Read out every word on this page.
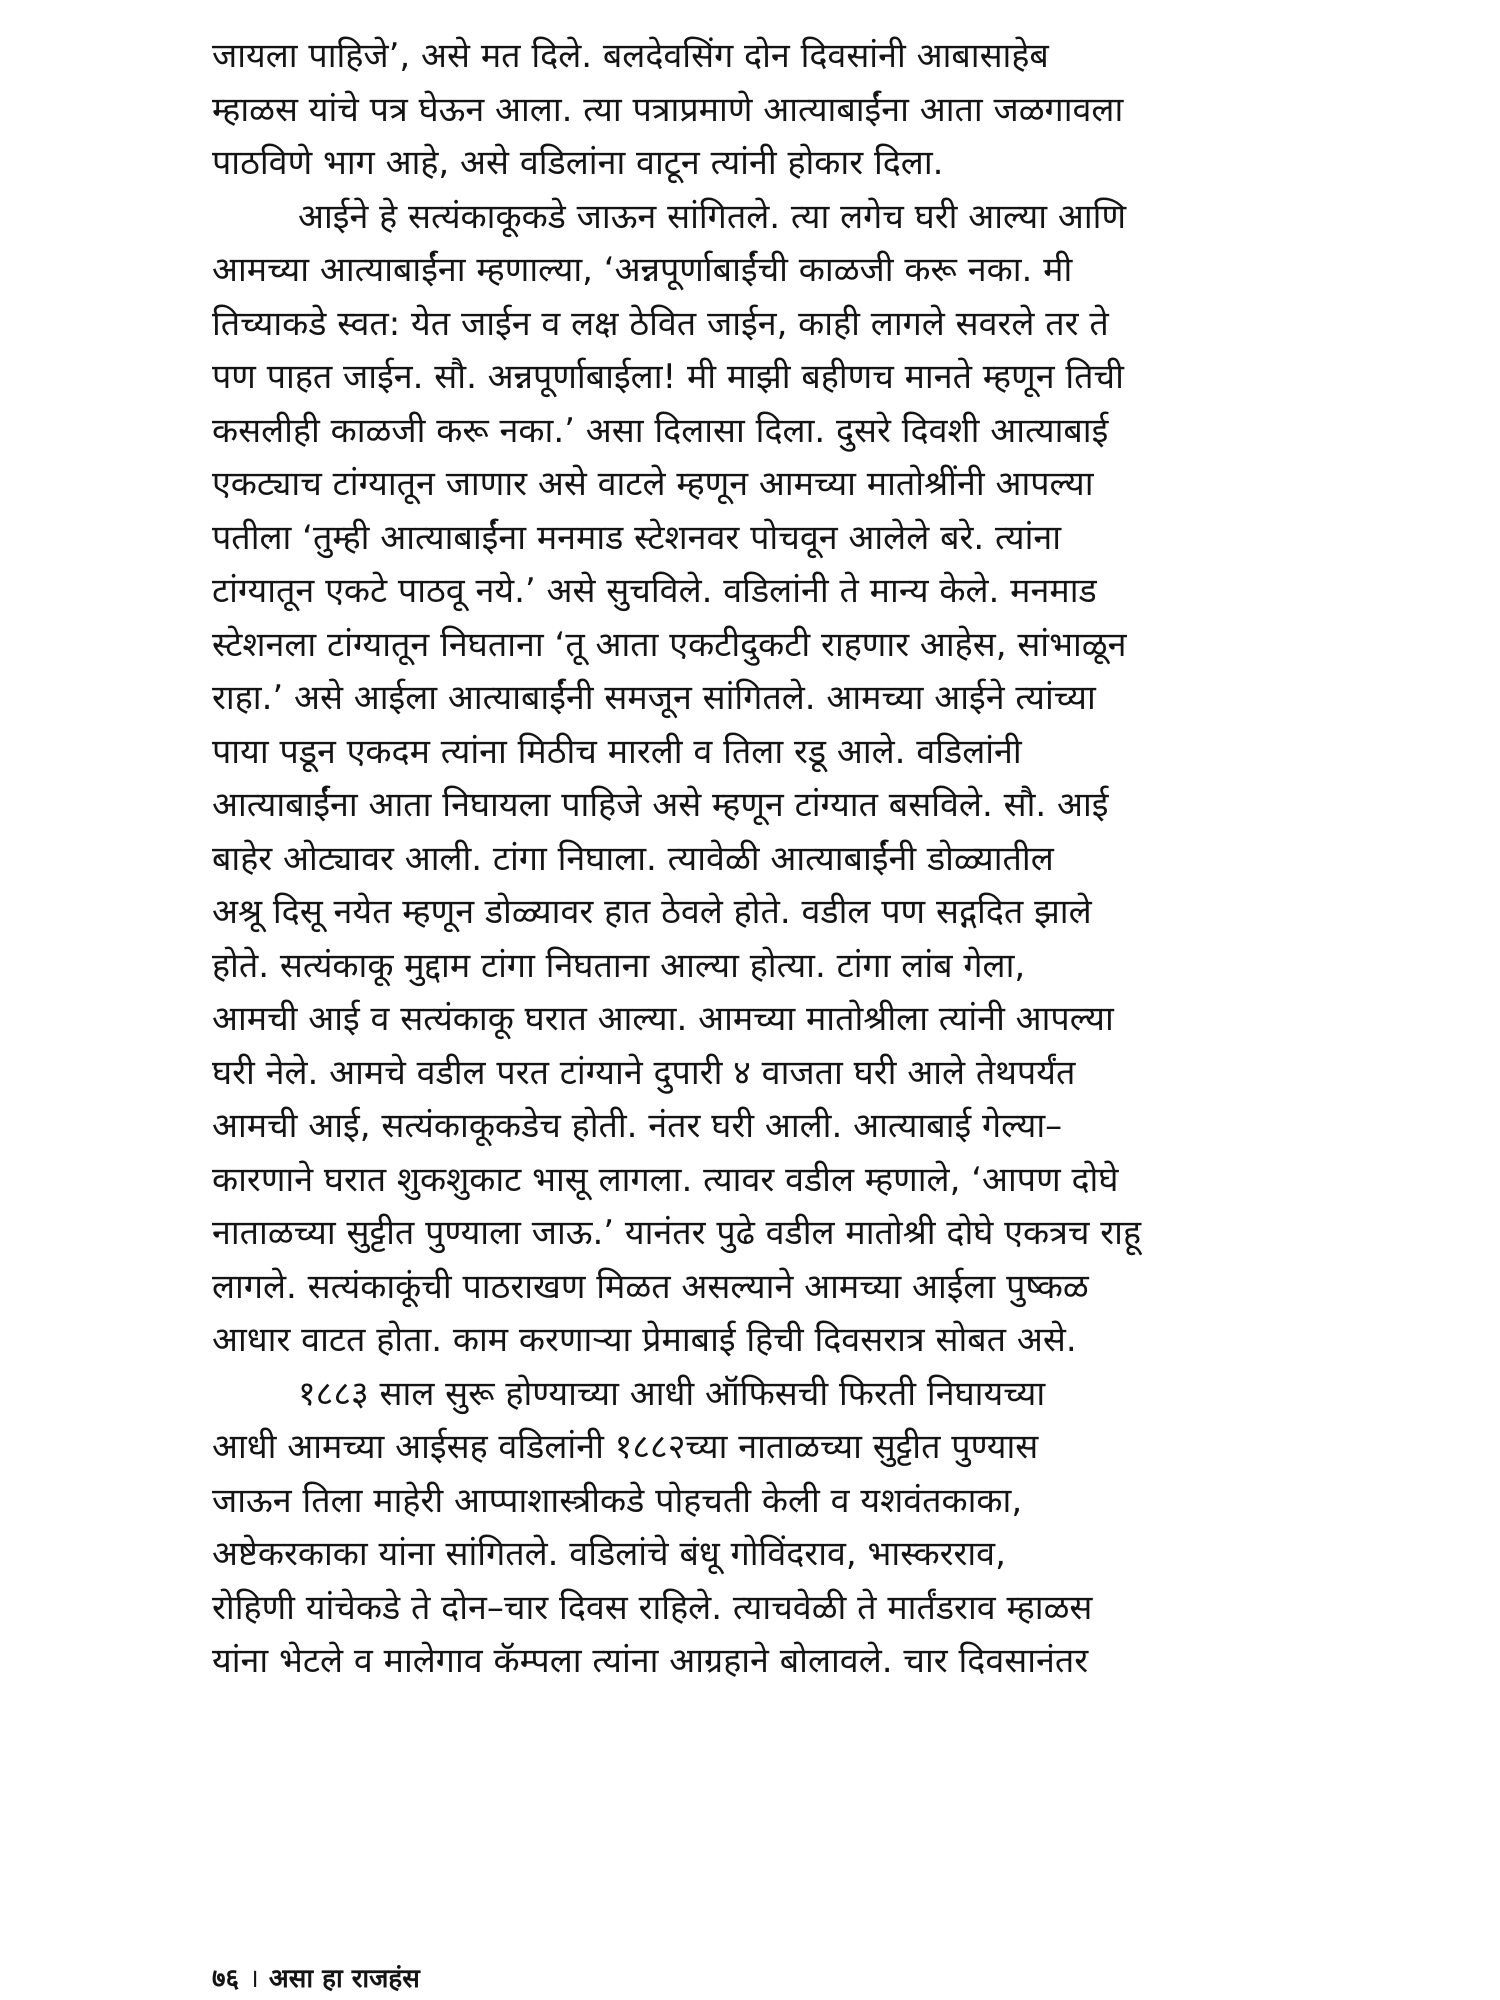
जायला पाहिजे’, असे मत दिले. बलदेवसिंग दोन दिवसांनी आबासाहेब
म्हाळस यांचे पत्र घेऊन आला. त्या पत्राप्रमाणे आत्याबाईंना आता जळगावला
पाठविणे भाग आहे, असे वडिलांना वाटून त्यांनी होकार दिला.
आईने हे सत्यंकाकूकडे जाऊन सांगितले. त्या लगेच घरी आल्या आणि
आमच्या आत्याबाईंना म्हणाल्या, ‘अन्नपूर्णाबाईंची काळजी करू नका. मी
तिच्याकडे स्वत: येत जाईन व लक्ष ठेवित जाईन, काही लागले सवरले तर ते
पण पाहत जाईन. सौ. अन्नपूर्णाबाईला! मी माझी बहीणच मानते म्हणून तिची
कसलीही काळजी करू नका.’ असा दिलासा दिला. दुसरे दिवशी आत्याबाई
एकट्याच टांग्यातून जाणार असे वाटले म्हणून आमच्या मातोश्रींनी आपल्या
पतीला ‘तुम्ही आत्याबाईंना मनमाड स्टेशनवर पोचवून आलेले बरे. त्यांना
टांग्यातून एकटे पाठवू नये.’ असे सुचविले. वडिलांनी ते मान्य केले. मनमाड
स्टेशनला टांग्यातून निघताना ‘तू आता एकटीदुकटी राहणार आहेस, सांभाळून
राहा.’ असे आईला आत्याबाईंनी समजून सांगितले. आमच्या आईने त्यांच्या
पाया पडून एकदम त्यांना मिठीच मारली व तिला रडू आले. वडिलांनी
आत्याबाईंना आता निघायला पाहिजे असे म्हणून टांग्यात बसविले. सौ. आई
बाहेर ओट्यावर आली. टांगा निघाला. त्यावेळी आत्याबाईंनी डोळ्यातील
अश्रू दिसू नयेत म्हणून डोळ्यावर हात ठेवले होते. वडील पण सद्गदित झाले
होते. सत्यंकाकू मुद्दाम टांगा निघताना आल्या होत्या. टांगा लांब गेला,
आमची आई व सत्यंकाकू घरात आल्या. आमच्या मातोश्रीला त्यांनी आपल्या
घरी नेले. आमचे वडील परत टांग्याने दुपारी ४ वाजता घरी आले तेथपर्यंत
आमची आई, सत्यंकाकूकडेच होती. नंतर घरी आली. आत्याबाई गेल्या–
कारणाने घरात शुकशुकाट भासू लागला. त्यावर वडील म्हणाले, ‘आपण दोघे
नाताळच्या सुट्टीत पुण्याला जाऊ.’ यानंतर पुढे वडील मातोश्री दोघे एकत्रच राहू
लागले. सत्यंकाकूंची पाठराखण मिळत असल्याने आमच्या आईला पुष्कळ
आधार वाटत होता. काम करणाऱ्या प्रेमाबाई हिची दिवसरात्र सोबत असे.
१८८३ साल सुरू होण्याच्या आधी ऑफिसची फिरती निघायच्या
आधी आमच्या आईसह वडिलांनी १८८२च्या नाताळच्या सुट्टीत पुण्यास
जाऊन तिला माहेरी आप्पाशास्त्रीकडे पोहचती केली व यशवंतकाका,
अष्टेकरकाका यांना सांगितले. वडिलांचे बंधू गोविंदराव, भास्करराव,
रोहिणी यांचेकडे ते दोन–चार दिवस राहिले. त्याचवेळी ते मार्तंडराव म्हाळस
यांना भेटले व मालेगाव कॅम्पला त्यांना आग्रहाने बोलावले. चार दिवसानंतर
७६ । असा हा राजहंस
